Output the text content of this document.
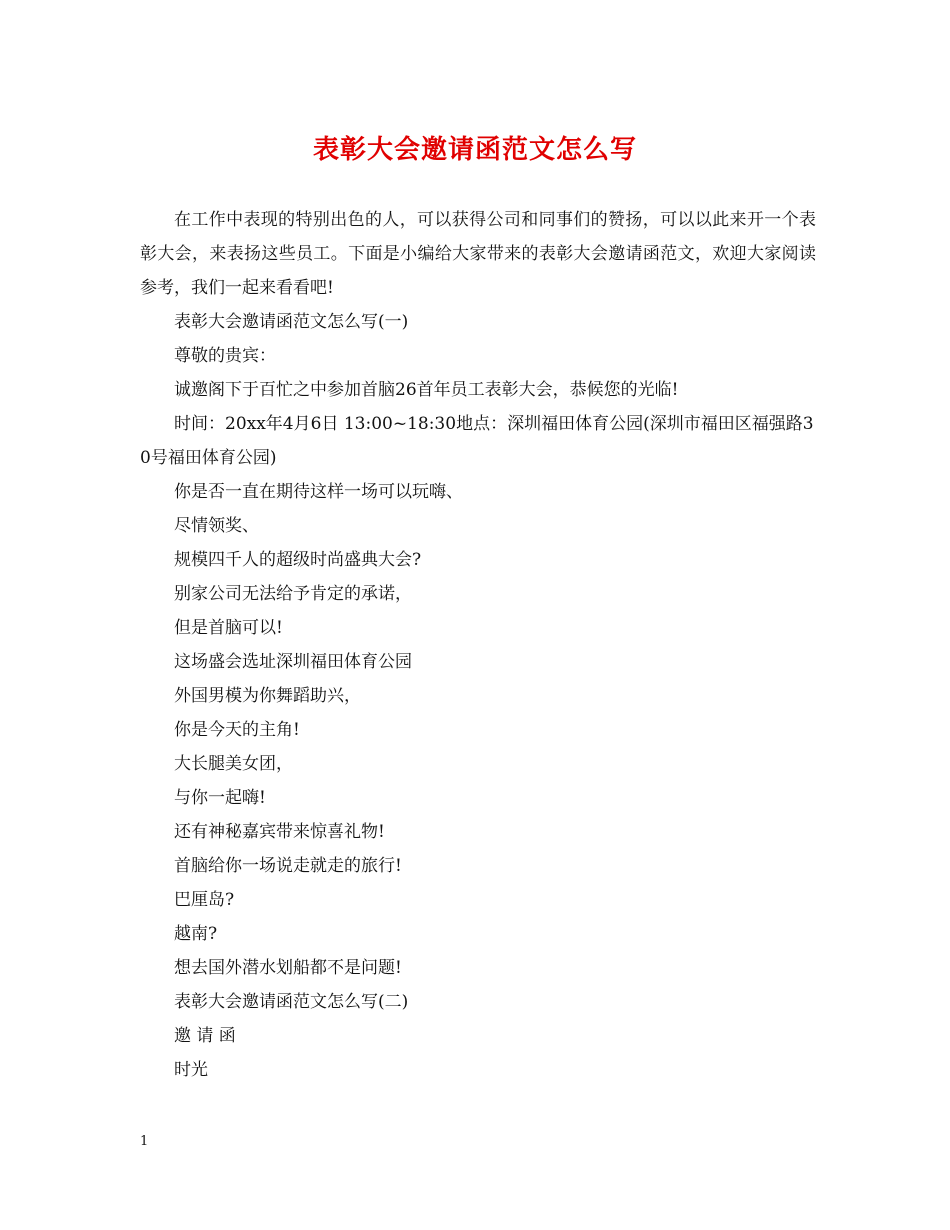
表彰大会邀请函范文怎么写

在工作中表现的特别出色的人，可以获得公司和同事们的赞扬，可以以此来开一个表彰大会，来表扬这些员工。下面是小编给大家带来的表彰大会邀请函范文，欢迎大家阅读参考，我们一起来看看吧!

表彰大会邀请函范文怎么写(一)

尊敬的贵宾：

诚邀阁下于百忙之中参加首脑26首年员工表彰大会，恭候您的光临!

时间：20xx年4月6日 13:00~18:30地点：深圳福田体育公园(深圳市福田区福强路30号福田体育公园)

你是否一直在期待这样一场可以玩嗨、

尽情领奖、

规模四千人的超级时尚盛典大会?

别家公司无法给予肯定的承诺，

但是首脑可以!

这场盛会选址深圳福田体育公园

外国男模为你舞蹈助兴，

你是今天的主角!

大长腿美女团，

与你一起嗨!

还有神秘嘉宾带来惊喜礼物!

首脑给你一场说走就走的旅行!

巴厘岛?

越南?

想去国外潜水划船都不是问题!

表彰大会邀请函范文怎么写(二)

邀 请 函

时光

1
